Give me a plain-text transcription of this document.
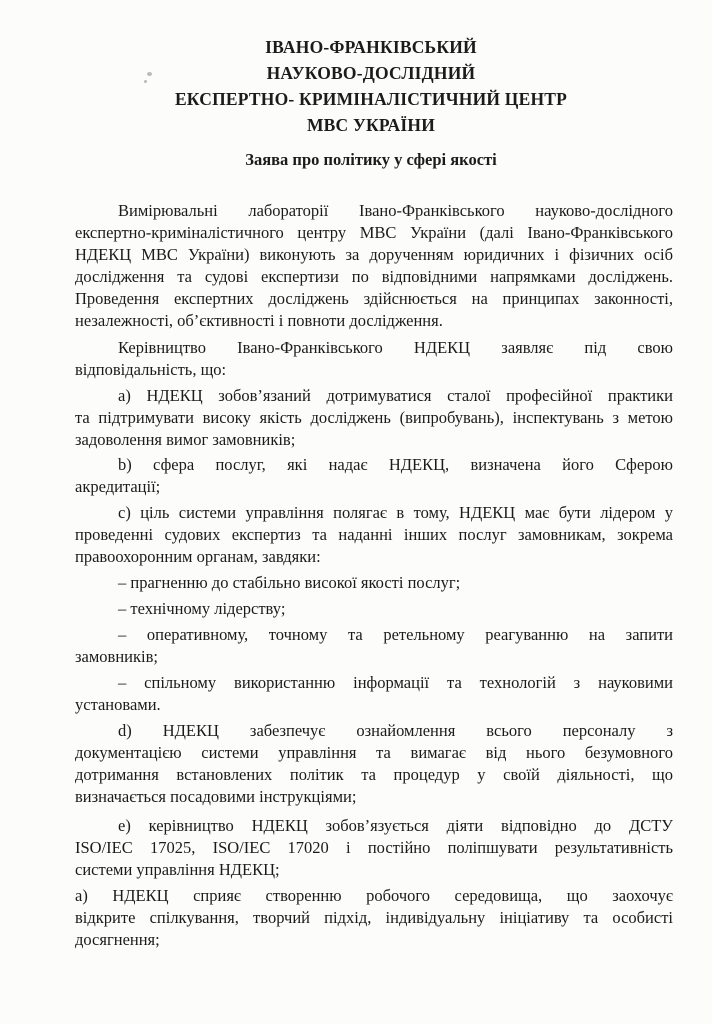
ІВАНО-ФРАНКІВСЬКИЙ
НАУКОВО-ДОСЛІДНИЙ
ЕКСПЕРТНО- КРИМІНАЛІСТИЧНИЙ ЦЕНТР
МВС УКРАЇНИ
Заява про політику у сфері якості
Вимірювальні лабораторії Івано-Франківського науково-дослідного
експертно-криміналістичного центру МВС України (далі Івано-Франківського
НДЕКЦ МВС України) виконують за дорученням юридичних і фізичних осіб
дослідження та судові експертизи по відповідними напрямками досліджень.
Проведення експертних досліджень здійснюється на принципах законності,
незалежності, об’єктивності і повноти дослідження.
Керівництво Івано-Франківського НДЕКЦ заявляє під свою
відповідальність, що:
а) НДЕКЦ зобов’язаний дотримуватися сталої професійної практики
та підтримувати високу якість досліджень (випробувань), інспектувань з метою
задоволення вимог замовників;
b) сфера послуг, які надає НДЕКЦ, визначена його Сферою
акредитації;
c) ціль системи управління полягає в тому, НДЕКЦ має бути лідером у
проведенні судових експертиз та наданні інших послуг замовникам, зокрема
правоохоронним органам, завдяки:
– прагненню до стабільно високої якості послуг;
– технічному лідерству;
– оперативному, точному та ретельному реагуванню на запити
замовників;
– спільному використанню інформації та технологій з науковими
установами.
d) НДЕКЦ забезпечує ознайомлення всього персоналу з
документацією системи управління та вимагає від нього безумовного
дотримання встановлених політик та процедур у своїй діяльності, що
визначається посадовими інструкціями;
e) керівництво НДЕКЦ зобов’язується діяти відповідно до ДСТУ
ISO/IEC 17025, ISO/IEC 17020 і постійно поліпшувати результативність
системи управління НДЕКЦ;
а) НДЕКЦ сприяє створенню робочого середовища, що заохочує
відкрите спілкування, творчий підхід, індивідуальну ініціативу та особисті
досягнення;
